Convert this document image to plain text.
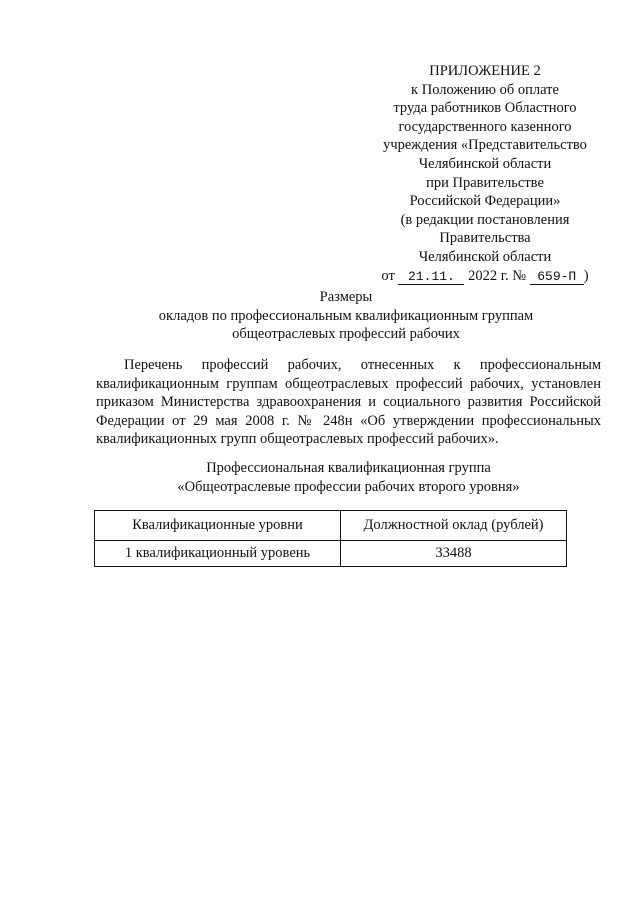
ПРИЛОЖЕНИЕ 2
к Положению об оплате
труда работников Областного
государственного казенного
учреждения «Представительство
Челябинской области
при Правительстве
Российской Федерации»
(в редакции постановления
Правительства
Челябинской области
от 21.11. 2022 г. № 659-П )
Размеры
окладов по профессиональным квалификационным группам
общеотраслевых профессий рабочих

Перечень профессий рабочих, отнесенных к профессиональным квалификационным группам общеотраслевых профессий рабочих, установлен приказом Министерства здравоохранения и социального развития Российской Федерации от 29 мая 2008 г. № 248н «Об утверждении профессиональных квалификационных групп общеотраслевых профессий рабочих».

Профессиональная квалификационная группа
«Общеотраслевые профессии рабочих второго уровня»
Квалификационные уровни	Должностной оклад (рублей)
1 квалификационный уровень	33488
